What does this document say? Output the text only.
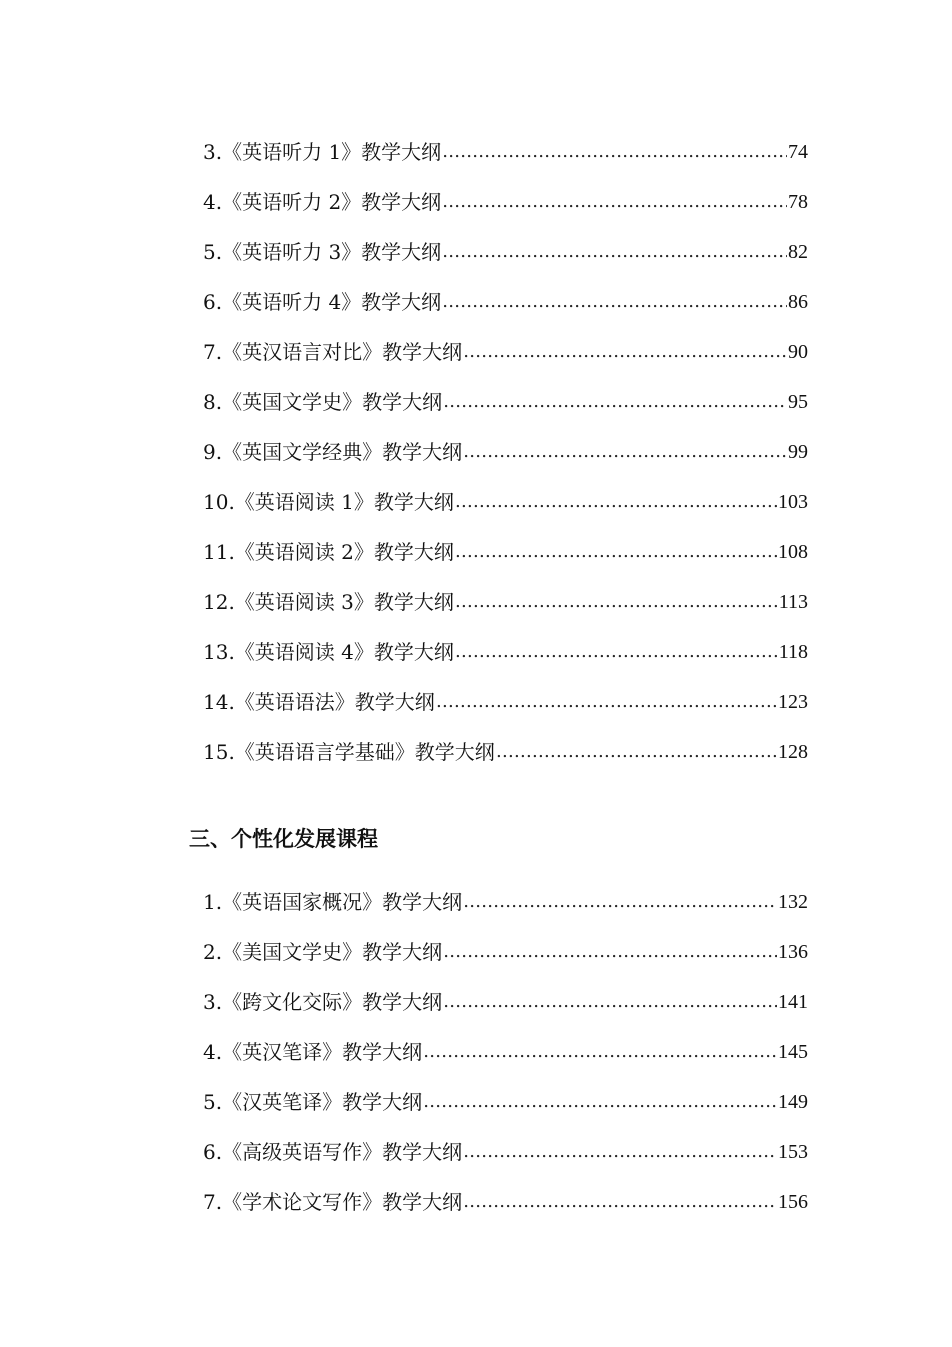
3.《英语听力 1》教学大纲 ……………………………………………………………………………………………………………………………………………	74
4.《英语听力 2》教学大纲 ……………………………………………………………………………………………………………………………………………	78
5.《英语听力 3》教学大纲 ……………………………………………………………………………………………………………………………………………	82
6.《英语听力 4》教学大纲 ……………………………………………………………………………………………………………………………………………	86
7.《英汉语言对比》教学大纲 ……………………………………………………………………………………………………………………………………………	90
8.《英国文学史》教学大纲 ……………………………………………………………………………………………………………………………………………	95
9.《英国文学经典》教学大纲 ……………………………………………………………………………………………………………………………………………	99
10.《英语阅读 1》教学大纲 ……………………………………………………………………………………………………………………………………………	103
11.《英语阅读 2》教学大纲 ……………………………………………………………………………………………………………………………………………	108
12.《英语阅读 3》教学大纲 ……………………………………………………………………………………………………………………………………………	113
13.《英语阅读 4》教学大纲 ……………………………………………………………………………………………………………………………………………	118
14.《英语语法》教学大纲 ……………………………………………………………………………………………………………………………………………	123
15.《英语语言学基础》教学大纲 ……………………………………………………………………………………………………………………………………………	128
三、个性化发展课程
1.《英语国家概况》教学大纲 ……………………………………………………………………………………………………………………………………………	132
2.《美国文学史》教学大纲 ……………………………………………………………………………………………………………………………………………	136
3.《跨文化交际》教学大纲 ……………………………………………………………………………………………………………………………………………	141
4.《英汉笔译》教学大纲 ……………………………………………………………………………………………………………………………………………	145
5.《汉英笔译》教学大纲 ……………………………………………………………………………………………………………………………………………	149
6.《高级英语写作》教学大纲 ……………………………………………………………………………………………………………………………………………	153
7.《学术论文写作》教学大纲 ……………………………………………………………………………………………………………………………………………	156
